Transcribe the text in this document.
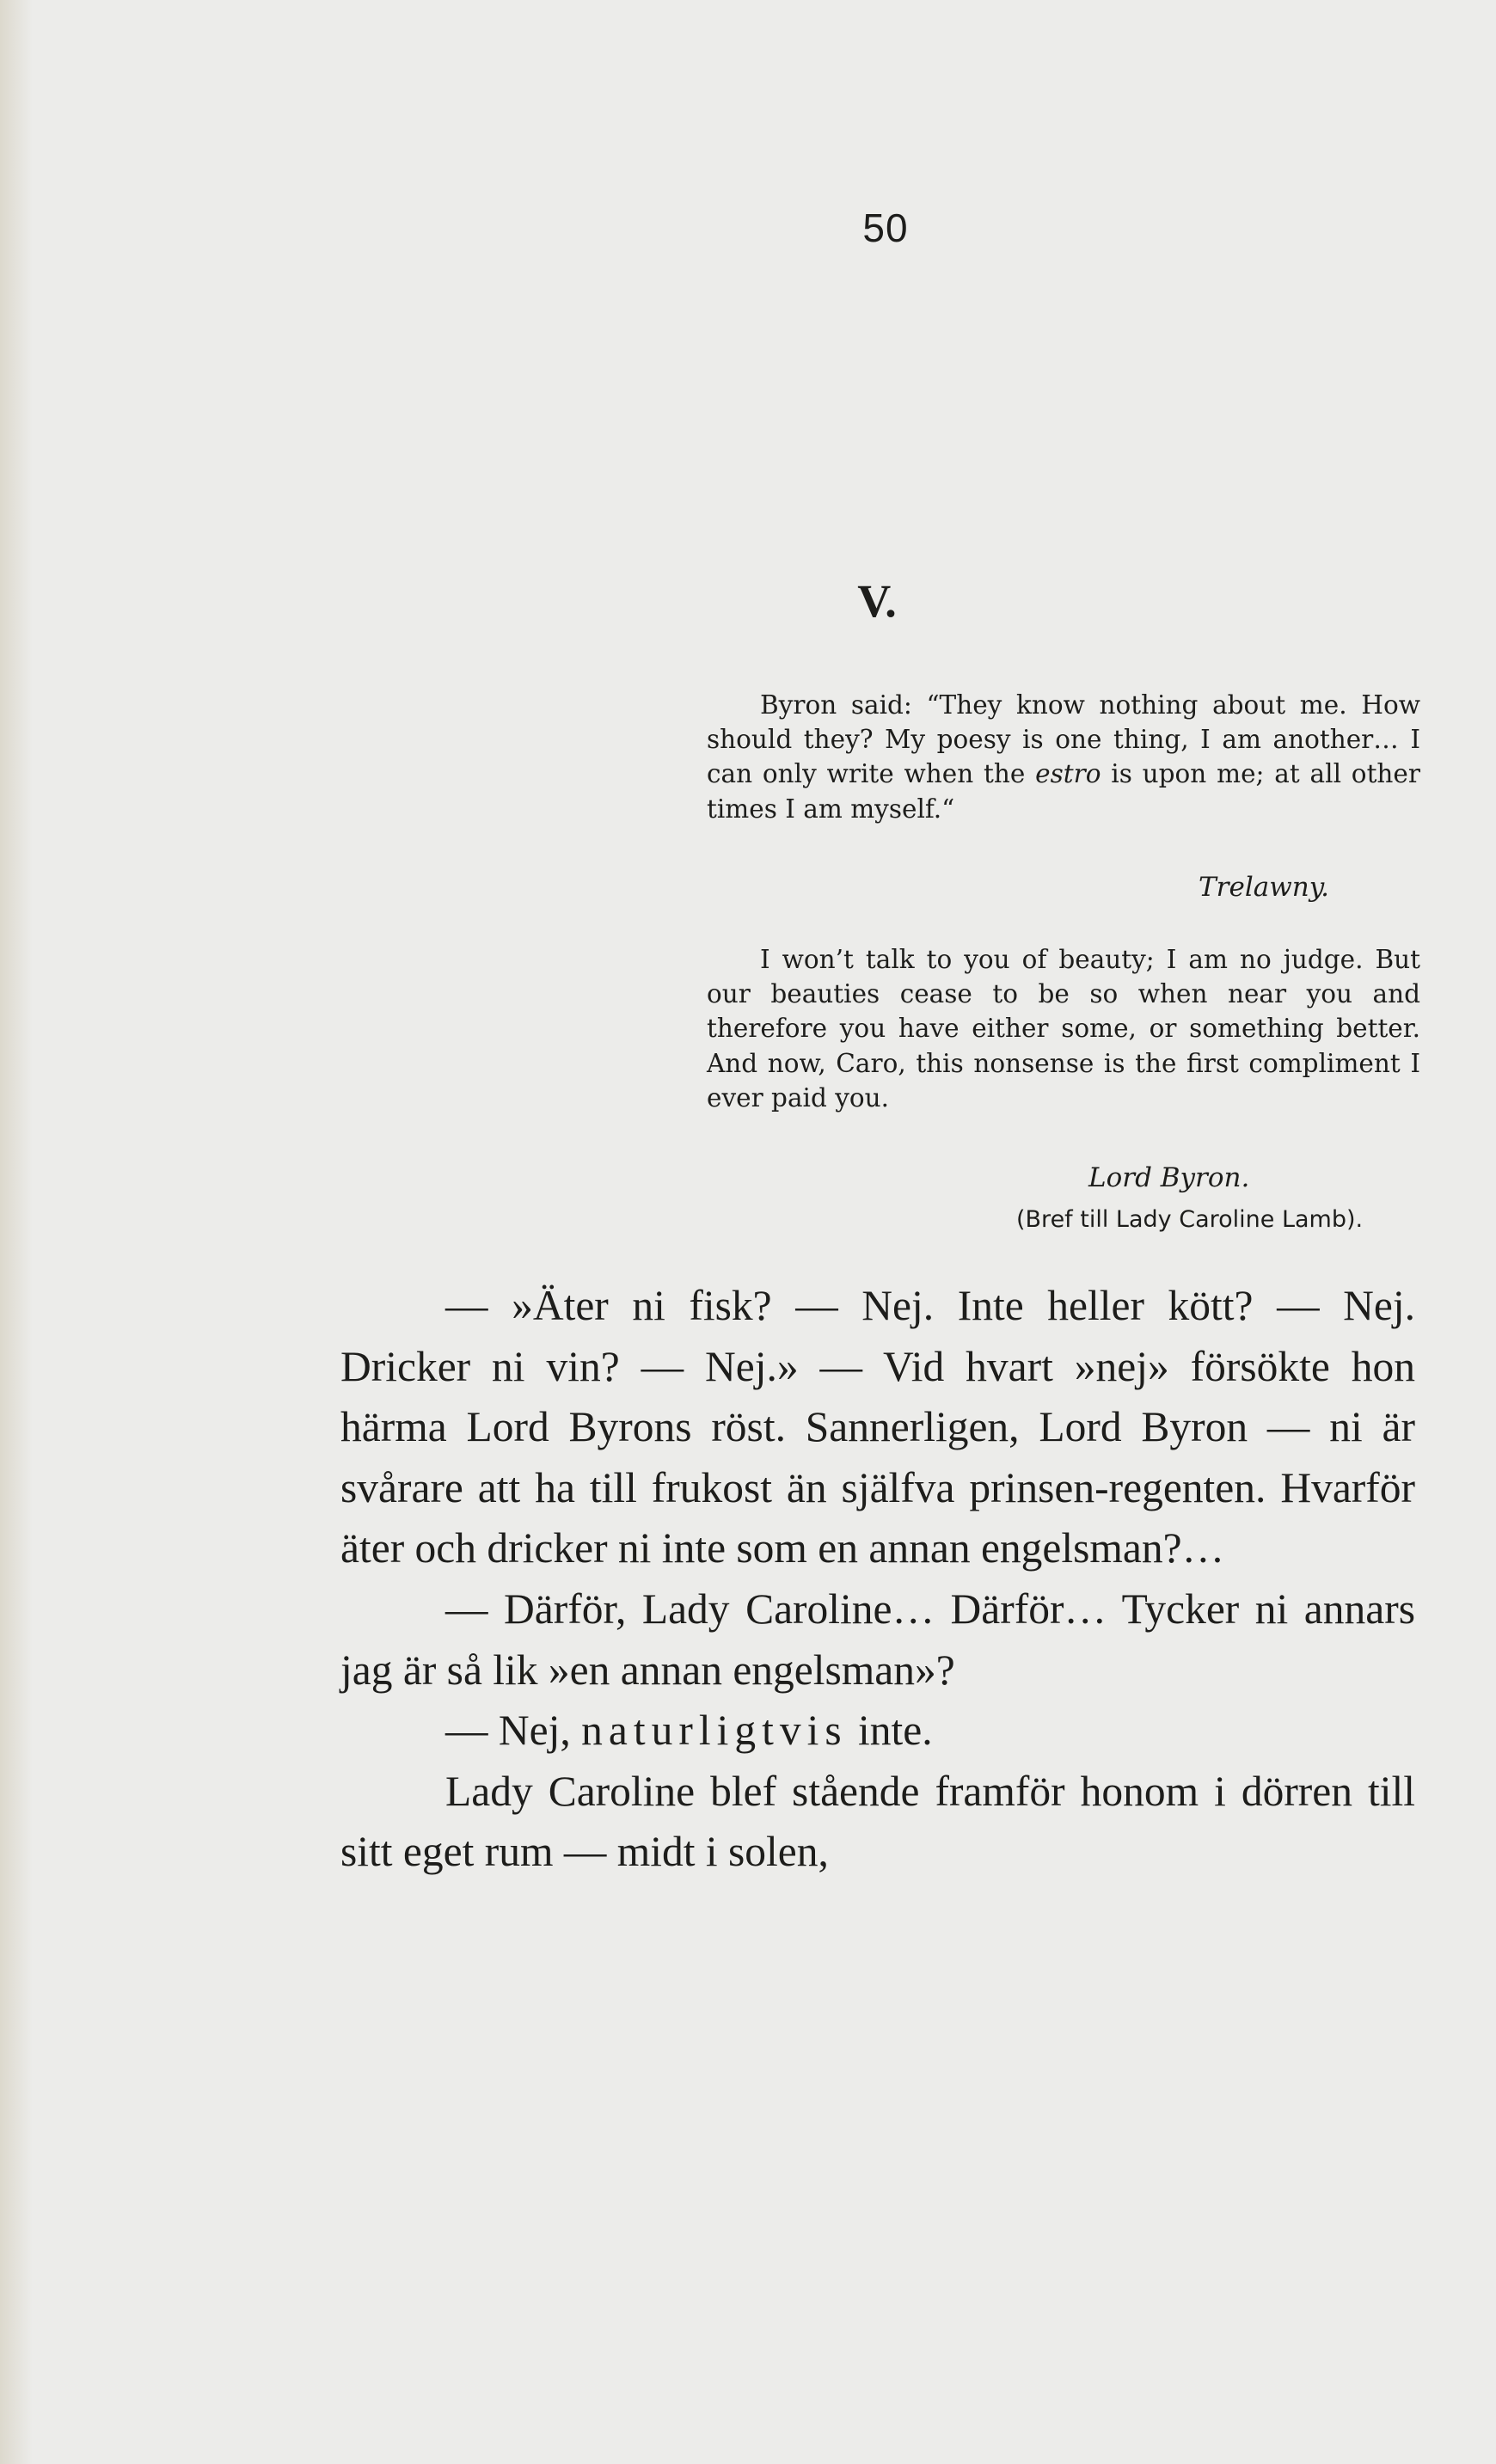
50
V.

Byron said: “They know nothing about me. How should they? My poesy is one thing, I am another… I can only write when the estro is upon me; at all other times I am myself.“

Trelawny.

I won’t talk to you of beauty; I am no judge. But our beauties cease to be so when near you and therefore you have either some, or something better. And now, Caro, this nonsense is the first compliment I ever paid you.

Lord Byron.
(Bref till Lady Caroline Lamb).

— »Äter ni fisk? — Nej. Inte heller kött? — Nej. Dricker ni vin? — Nej.» — Vid hvart »nej» försökte hon härma Lord Byrons röst. Sannerligen, Lord Byron — ni är svårare att ha till frukost än själfva prinsen-regenten. Hvarför äter och dricker ni inte som en annan engelsman?…

— Därför, Lady Caroline… Därför… Tycker ni annars jag är så lik »en annan engelsman»?

— Nej, naturligtvis inte.

Lady Caroline blef stående framför honom i dörren till sitt eget rum — midt i solen,
